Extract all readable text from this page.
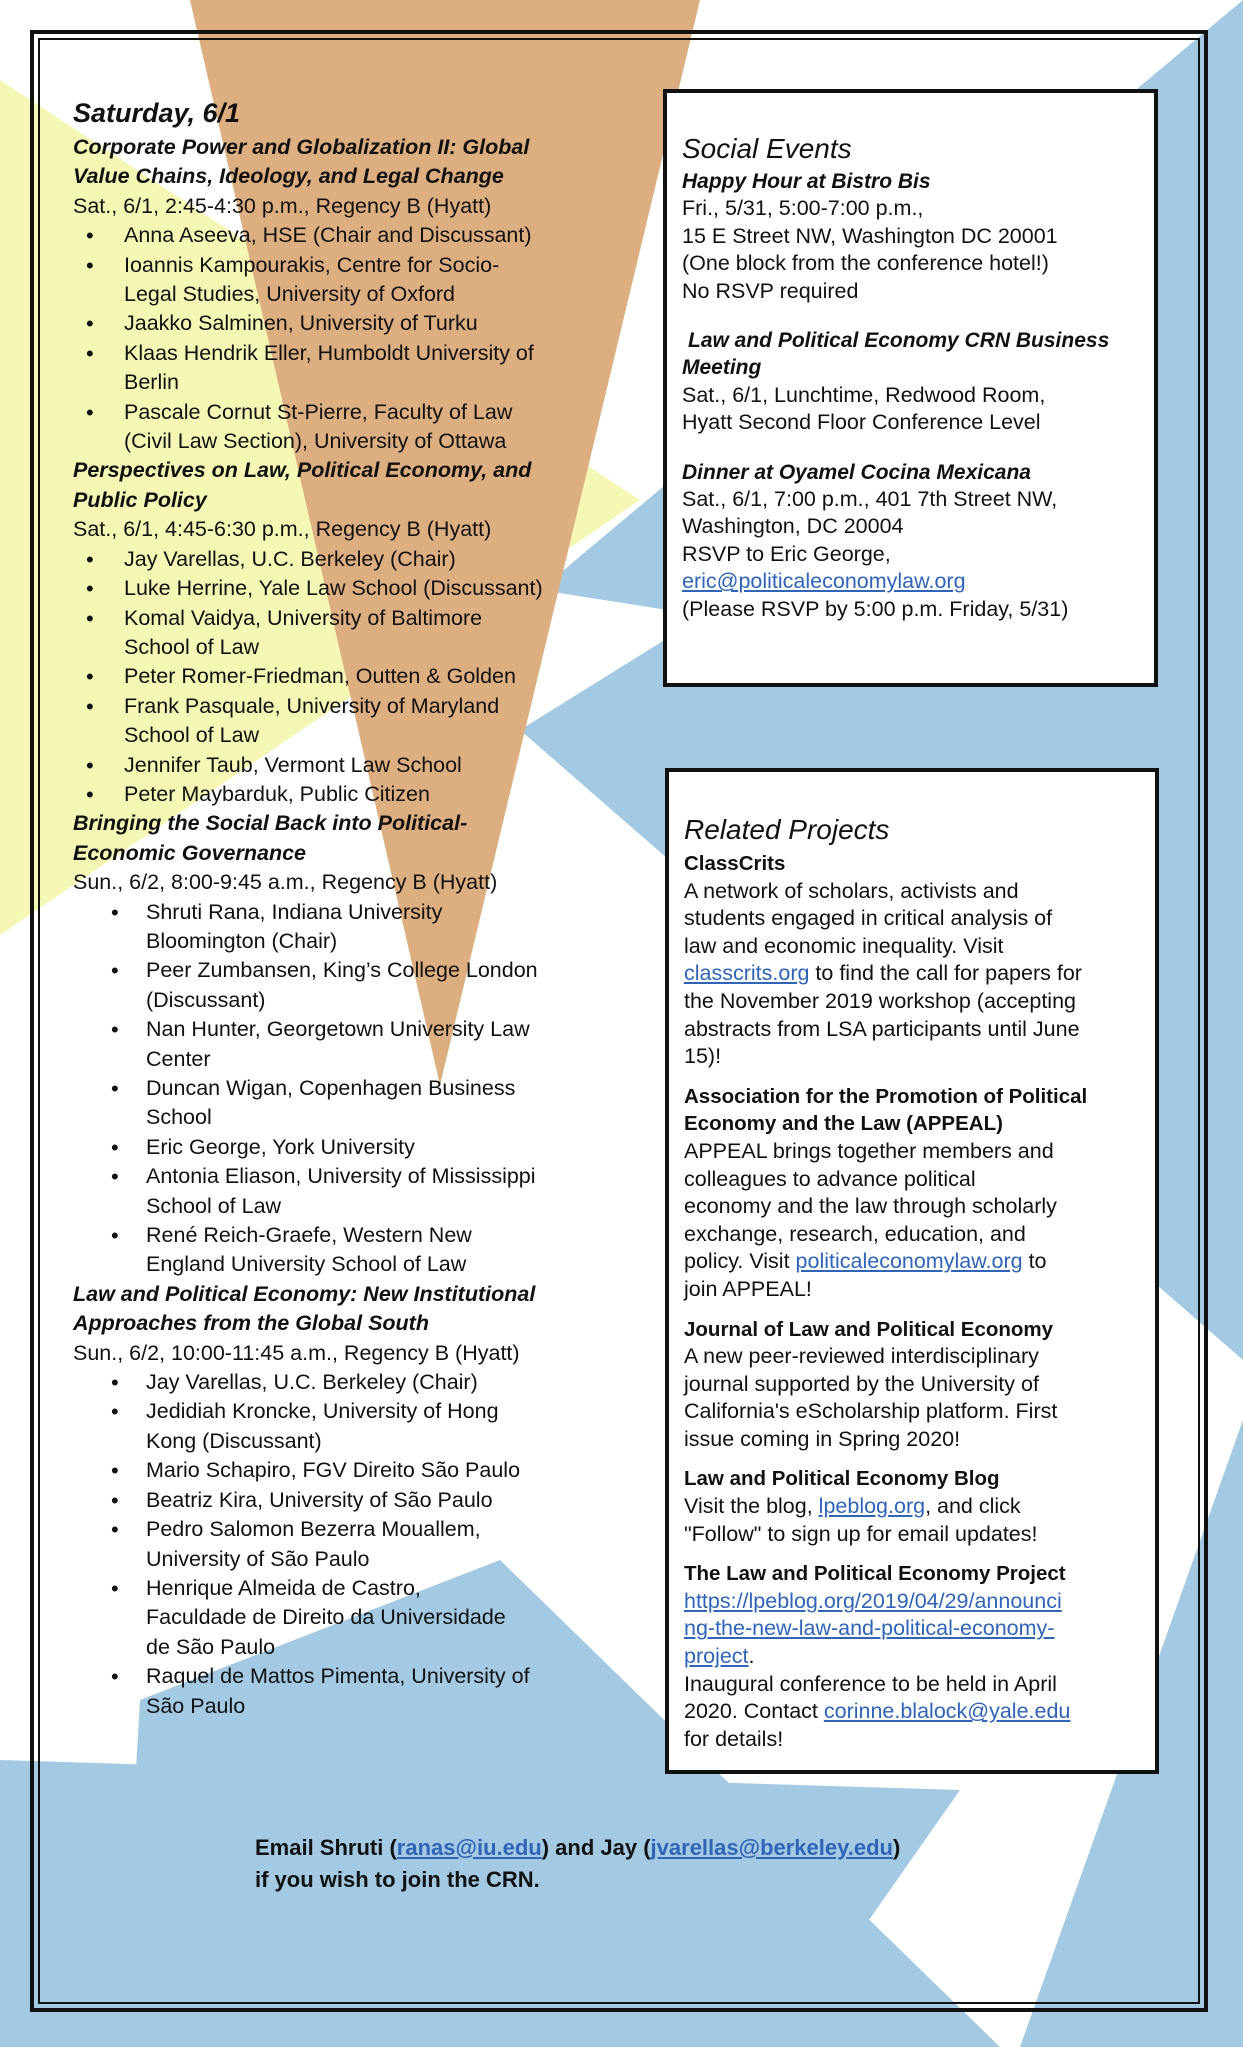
Saturday, 6/1
Corporate Power and Globalization II: Global
Value Chains, Ideology, and Legal Change
Sat., 6/1, 2:45-4:30 p.m., Regency B (Hyatt)
• Anna Aseeva, HSE (Chair and Discussant)
• Ioannis Kampourakis, Centre for Socio-
Legal Studies, University of Oxford
• Jaakko Salminen, University of Turku
• Klaas Hendrik Eller, Humboldt University of
Berlin
• Pascale Cornut St-Pierre, Faculty of Law
(Civil Law Section), University of Ottawa
Perspectives on Law, Political Economy, and
Public Policy
Sat., 6/1, 4:45-6:30 p.m., Regency B (Hyatt)
• Jay Varellas, U.C. Berkeley (Chair)
• Luke Herrine, Yale Law School (Discussant)
• Komal Vaidya, University of Baltimore
School of Law
• Peter Romer-Friedman, Outten & Golden
• Frank Pasquale, University of Maryland
School of Law
• Jennifer Taub, Vermont Law School
• Peter Maybarduk, Public Citizen
Bringing the Social Back into Political-
Economic Governance
Sun., 6/2, 8:00-9:45 a.m., Regency B (Hyatt)
• Shruti Rana, Indiana University
Bloomington (Chair)
• Peer Zumbansen, King’s College London
(Discussant)
• Nan Hunter, Georgetown University Law
Center
• Duncan Wigan, Copenhagen Business
School
• Eric George, York University
• Antonia Eliason, University of Mississippi
School of Law
• René Reich-Graefe, Western New
England University School of Law
Law and Political Economy: New Institutional
Approaches from the Global South
Sun., 6/2, 10:00-11:45 a.m., Regency B (Hyatt)
• Jay Varellas, U.C. Berkeley (Chair)
• Jedidiah Kroncke, University of Hong
Kong (Discussant)
• Mario Schapiro, FGV Direito São Paulo
• Beatriz Kira, University of São Paulo
• Pedro Salomon Bezerra Mouallem,
University of São Paulo
• Henrique Almeida de Castro,
Faculdade de Direito da Universidade
de São Paulo
• Raquel de Mattos Pimenta, University of
São Paulo
Social Events
Happy Hour at Bistro Bis
Fri., 5/31, 5:00-7:00 p.m.,
15 E Street NW, Washington DC 20001
(One block from the conference hotel!)
No RSVP required
Law and Political Economy CRN Business
Meeting
Sat., 6/1, Lunchtime, Redwood Room,
Hyatt Second Floor Conference Level
Dinner at Oyamel Cocina Mexicana
Sat., 6/1, 7:00 p.m., 401 7th Street NW,
Washington, DC 20004
RSVP to Eric George,
eric@politicaleconomylaw.org
(Please RSVP by 5:00 p.m. Friday, 5/31)
Related Projects
ClassCrits
A network of scholars, activists and
students engaged in critical analysis of
law and economic inequality. Visit
classcrits.org to find the call for papers for
the November 2019 workshop (accepting
abstracts from LSA participants until June
15)!
Association for the Promotion of Political
Economy and the Law (APPEAL)
APPEAL brings together members and
colleagues to advance political
economy and the law through scholarly
exchange, research, education, and
policy. Visit politicaleconomylaw.org to
join APPEAL!
Journal of Law and Political Economy
A new peer-reviewed interdisciplinary
journal supported by the University of
California's eScholarship platform. First
issue coming in Spring 2020!
Law and Political Economy Blog
Visit the blog, lpeblog.org, and click
"Follow" to sign up for email updates!
The Law and Political Economy Project
https://lpeblog.org/2019/04/29/announci
ng-the-new-law-and-political-economy-
project.
Inaugural conference to be held in April
2020. Contact corinne.blalock@yale.edu
for details!
Email Shruti (ranas@iu.edu) and Jay (jvarellas@berkeley.edu)
if you wish to join the CRN.
